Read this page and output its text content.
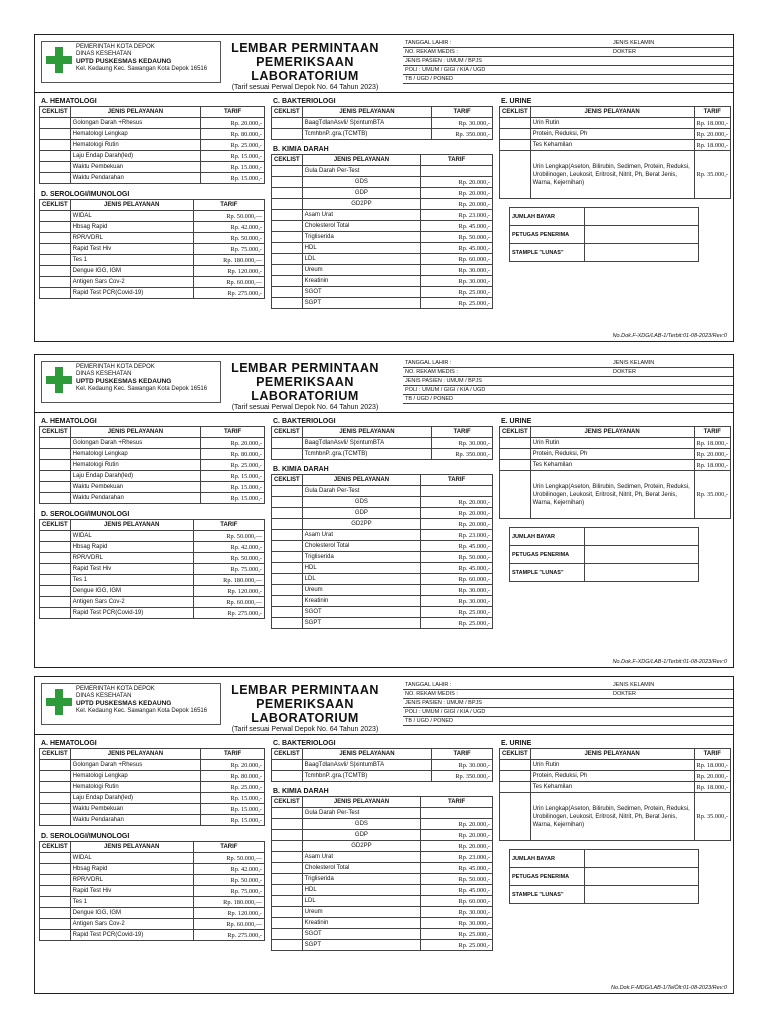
PEMERINTAH KOTA DEPOK
DINAS KESEHATAN
UPTD PUSKESMAS KEDAUNG
Kel. Kedaung Kec. Sawangan Kota Depok 16516
LEMBAR PERMINTAAN
PEMERIKSAAN LABORATORIUM
(Tarif sesuai Perwal Depok No. 64 Tahun 2023)
TANGGAL LAHIR :	JENIS KELAMIN
NO. REKAM MEDIS :	DOKTER
JENIS PASIEN : UMUM / BPJS
POLI : UMUM / GIGI / KIA / UGD
TB / UGD / PONED
A. HEMATOLOGI
CEKLIST	JENIS PELAYANAN	TARIF
	Golongan Darah +Rhesus	Rp. 20.000,-
	Hematologi Lengkap	Rp. 80.000,-
	Hematologi Rutin	Rp. 25.000,-
	Laju Endap Darah(led)	Rp. 15.000,-
	Waktu Pembekuan	Rp. 15.000,-
	Waktu Pendarahan	Rp. 15.000,-
D. SEROLOGI/IMUNOLOGI
CEKLIST	JENIS PELAYANAN	TARIF
	WIDAL	Rp. 50.000,—
	Hbsag Rapid	Rp. 42.000,-
	RPR/VDRL	Rp. 50.000,-
	Rapid Test Hiv	Rp. 75.000,-
	Tes 1	Rp. 180.000,—
	Dengue IGG, IGM	Rp. 120.000,-
	Antigen Sars Cov-2	Rp. 60.000,—
	Rapid Test PCR(Covid-19)	Rp. 275.000,-
C. BAKTERIOLOGI
CEKLIST	JENIS PELAYANAN	TARIF
	BaagTdlanAsvli/ S|xintumBTA	Rp. 30.000,-
	TcmhbnP..gra.(TCMTB)	Rp. 350.000,-
B. KIMIA DARAH
CEKLIST	JENIS PELAYANAN	TARIF
	Gula Darah Per-Test	
	GDS	Rp. 20.000,-
	GDP	Rp. 20.000,-
	GD2PP	Rp. 20.000,-
	Asam Urat	Rp. 23.000,-
	Cholesterol Total	Rp. 45.000,-
	Trigliserida	Rp. 50.000,-
	HDL	Rp. 45.000,-
	LDL	Rp. 60.000,-
	Ureum	Rp. 30.000,-
	Kreatinin	Rp. 30.000,-
	SGOT	Rp. 25.000,-
	SGPT	Rp. 25.000,-
E. URINE
CEKLIST	JENIS PELAYANAN	TARIF
	Urin Rutin	Rp. 18.000,-
	Protein, Reduksi, Ph	Rp. 20.000,-
	Tes Kehamilan	Rp. 18.000,-
	Urin Lengkap(Aseton, Bilirubin, Sedimen, Protein, Reduksi, Urobilinogen, Leukosit, Eritrosit, Nitrit, Ph, Berat Jenis, Warna, Kejernihan)	Rp. 35.000,-
JUMLAH BAYAR	
PETUGAS PENERIMA	
STAMPLE "LUNAS"	
No.Dok.F-XDG/LAB-1/Terbit:01-08-2023/Rev:0
PEMERINTAH KOTA DEPOK
DINAS KESEHATAN
UPTD PUSKESMAS KEDAUNG
Kel. Kedaung Kec. Sawangan Kota Depok 16516
LEMBAR PERMINTAAN
PEMERIKSAAN LABORATORIUM
(Tarif sesuai Perwal Depok No. 64 Tahun 2023)
TANGGAL LAHIR :	JENIS KELAMIN
NO. REKAM MEDIS :	DOKTER
JENIS PASIEN : UMUM / BPJS
POLI : UMUM / GIGI / KIA / UGD
TB / UGD / PONED
A. HEMATOLOGI
CEKLIST	JENIS PELAYANAN	TARIF
	Golongan Darah +Rhesus	Rp. 20.000,-
	Hematologi Lengkap	Rp. 80.000,-
	Hematologi Rutin	Rp. 25.000,-
	Laju Endap Darah(led)	Rp. 15.000,-
	Waktu Pembekuan	Rp. 15.000,-
	Waktu Pendarahan	Rp. 15.000,-
D. SEROLOGI/IMUNOLOGI
CEKLIST	JENIS PELAYANAN	TARIF
	WIDAL	Rp. 50.000,—
	Hbsag Rapid	Rp. 42.000,-
	RPR/VDRL	Rp. 50.000,-
	Rapid Test Hiv	Rp. 75.000,-
	Tes 1	Rp. 180.000,—
	Dengue IGG, IGM	Rp. 120.000,-
	Antigen Sars Cov-2	Rp. 60.000,—
	Rapid Test PCR(Covid-19)	Rp. 275.000,-
C. BAKTERIOLOGI
CEKLIST	JENIS PELAYANAN	TARIF
	BaagTdlanAsvli/ S|xintumBTA	Rp. 30.000,-
	TcmhbnP..gra.(TCMTB)	Rp. 350.000,-
B. KIMIA DARAH
CEKLIST	JENIS PELAYANAN	TARIF
	Gula Darah Per-Test	
	GDS	Rp. 20.000,-
	GDP	Rp. 20.000,-
	GD2PP	Rp. 20.000,-
	Asam Urat	Rp. 23.000,-
	Cholesterol Total	Rp. 45.000,-
	Trigliserida	Rp. 50.000,-
	HDL	Rp. 45.000,-
	LDL	Rp. 60.000,-
	Ureum	Rp. 30.000,-
	Kreatinin	Rp. 30.000,-
	SGOT	Rp. 25.000,-
	SGPT	Rp. 25.000,-
E. URINE
CEKLIST	JENIS PELAYANAN	TARIF
	Urin Rutin	Rp. 18.000,-
	Protein, Reduksi, Ph	Rp. 20.000,-
	Tes Kehamilan	Rp. 18.000,-
	Urin Lengkap(Aseton, Bilirubin, Sedimen, Protein, Reduksi, Urobilinogen, Leukosit, Eritrosit, Nitrit, Ph, Berat Jenis, Warna, Kejernihan)	Rp. 35.000,-
JUMLAH BAYAR	
PETUGAS PENERIMA	
STAMPLE "LUNAS"	
No.Dok.F-XDG/LAB-1/Terbit:01-08-2023/Rev:0
PEMERINTAH KOTA DEPOK
DINAS KESEHATAN
UPTD PUSKESMAS KEDAUNG
Kel. Kedaung Kec. Sawangan Kota Depok 16516
LEMBAR PERMINTAAN
PEMERIKSAAN LABORATORIUM
(Tarif sesuai Perwal Depok No. 64 Tahun 2023)
TANGGAL LAHIR :	JENIS KELAMIN
NO. REKAM MEDIS :	DOKTER
JENIS PASIEN : UMUM / BPJS
POLI : UMUM / GIGI / KIA / UGD
TB / UGD / PONED
A. HEMATOLOGI
CEKLIST	JENIS PELAYANAN	TARIF
	Golongan Darah +Rhesus	Rp. 20.000,-
	Hematologi Lengkap	Rp. 80.000,-
	Hematologi Rutin	Rp. 25.000,-
	Laju Endap Darah(led)	Rp. 15.000,-
	Waktu Pembekuan	Rp. 15.000,-
	Waktu Pendarahan	Rp. 15.000,-
D. SEROLOGI/IMUNOLOGI
CEKLIST	JENIS PELAYANAN	TARIF
	WIDAL	Rp. 50.000,—
	Hbsag Rapid	Rp. 42.000,-
	RPR/VDRL	Rp. 50.000,-
	Rapid Test Hiv	Rp. 75.000,-
	Tes 1	Rp. 180.000,—
	Dengue IGG, IGM	Rp. 120.000,-
	Antigen Sars Cov-2	Rp. 60.000,—
	Rapid Test PCR(Covid-19)	Rp. 275.000,-
C. BAKTERIOLOGI
CEKLIST	JENIS PELAYANAN	TARIF
	BaagTdlanAsvli/ S|xintumBTA	Rp. 30.000,-
	TcmhbnP..gra.(TCMTB)	Rp. 350.000,-
B. KIMIA DARAH
CEKLIST	JENIS PELAYANAN	TARIF
	Gula Darah Per-Test	
	GDS	Rp. 20.000,-
	GDP	Rp. 20.000,-
	GD2PP	Rp. 20.000,-
	Asam Urat	Rp. 23.000,-
	Cholesterol Total	Rp. 45.000,-
	Trigliserida	Rp. 50.000,-
	HDL	Rp. 45.000,-
	LDL	Rp. 60.000,-
	Ureum	Rp. 30.000,-
	Kreatinin	Rp. 30.000,-
	SGOT	Rp. 25.000,-
	SGPT	Rp. 25.000,-
E. URINE
CEKLIST	JENIS PELAYANAN	TARIF
	Urin Rutin	Rp. 18.000,-
	Protein, Reduksi, Ph	Rp. 20.000,-
	Tes Kehamilan	Rp. 18.000,-
	Urin Lengkap(Aseton, Bilirubin, Sedimen, Protein, Reduksi, Urobilinogen, Leukosit, Eritrosit, Nitrit, Ph, Berat Jenis, Warna, Kejernihan)	Rp. 35.000,-
JUMLAH BAYAR	
PETUGAS PENERIMA	
STAMPLE "LUNAS"	
No.Dok.F-MDG/LAB-1/TelÖlt:01-08-2023/Rev:0
